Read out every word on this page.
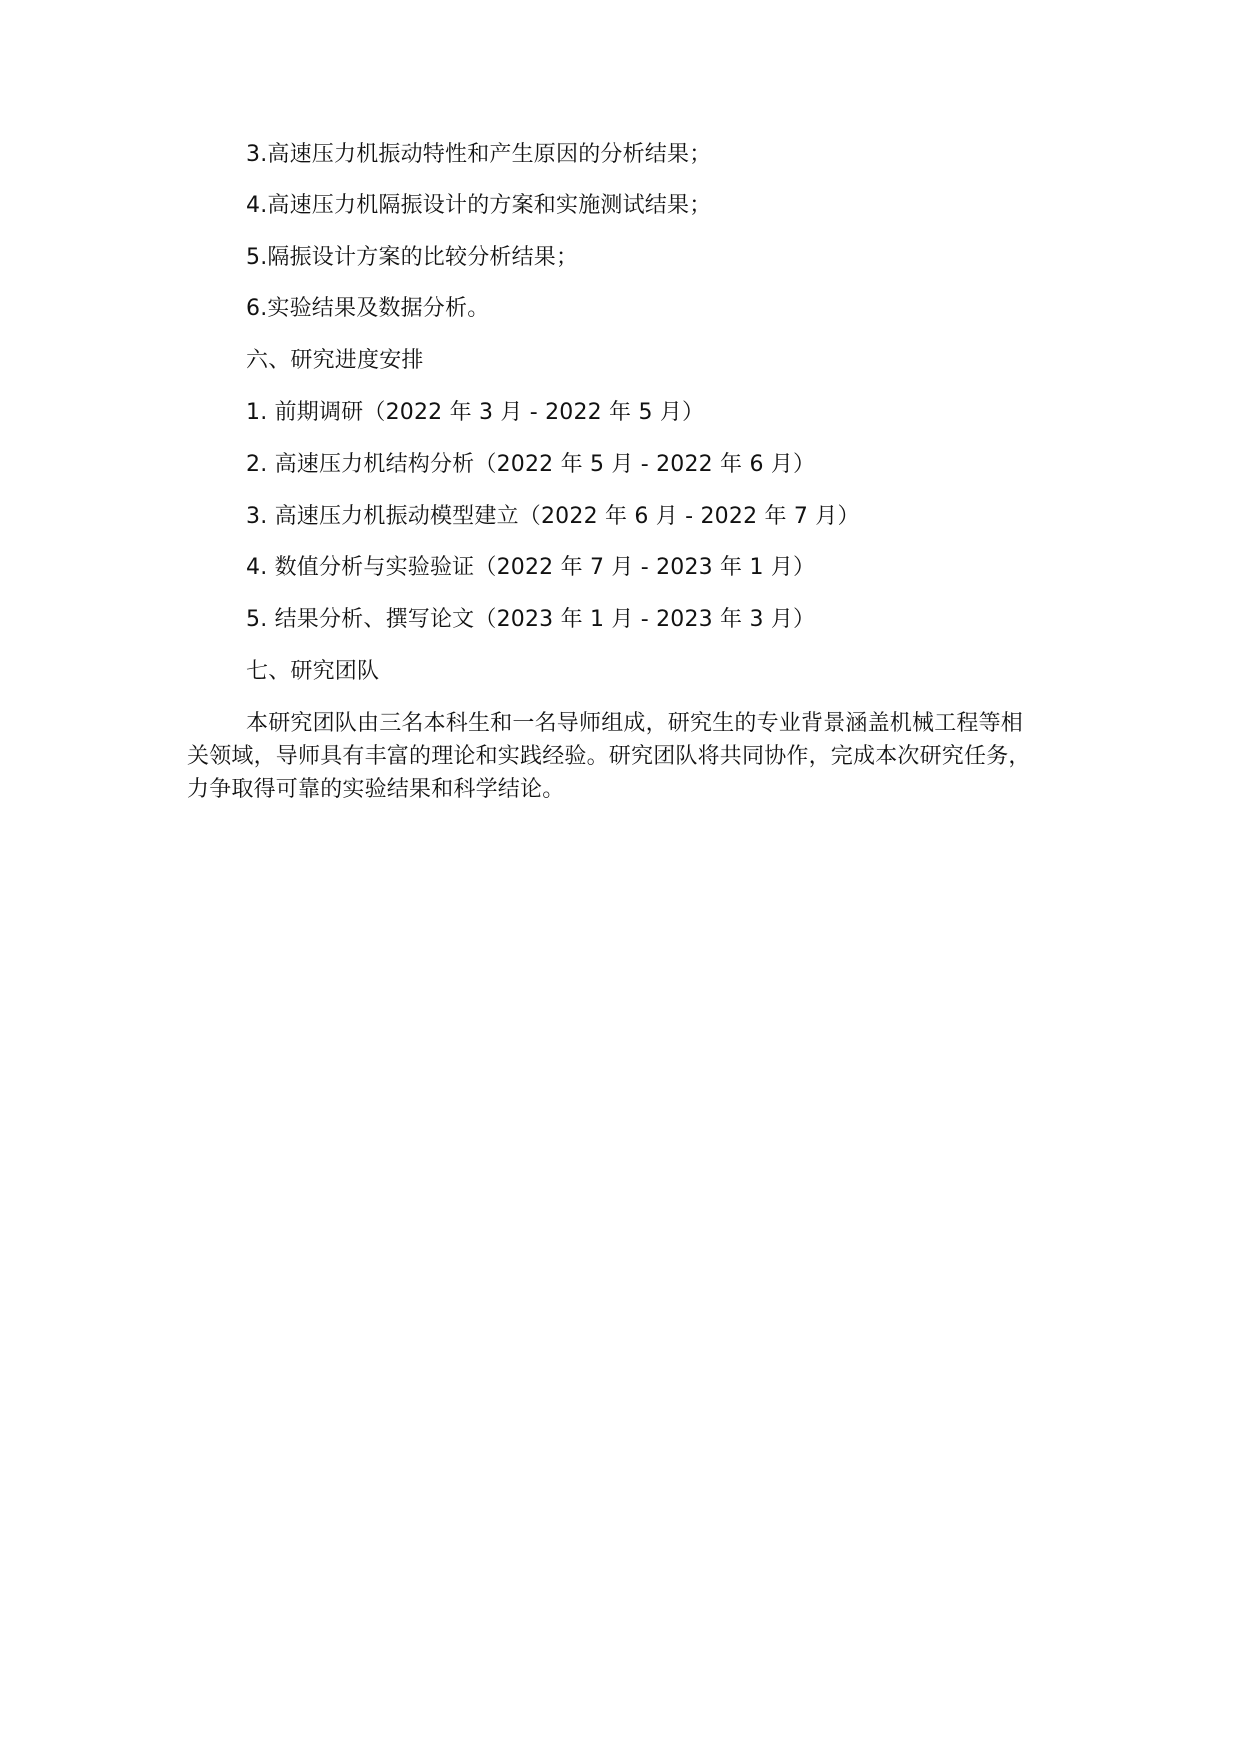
3.高速压力机振动特性和产生原因的分析结果；
4.高速压力机隔振设计的方案和实施测试结果；
5.隔振设计方案的比较分析结果；
6.实验结果及数据分析。
六、研究进度安排
1. 前期调研（2022 年 3 月 - 2022 年 5 月）
2. 高速压力机结构分析（2022 年 5 月 - 2022 年 6 月）
3. 高速压力机振动模型建立（2022 年 6 月 - 2022 年 7 月）
4. 数值分析与实验验证（2022 年 7 月 - 2023 年 1 月）
5. 结果分析、撰写论文（2023 年 1 月 - 2023 年 3 月）
七、研究团队
本研究团队由三名本科生和一名导师组成，研究生的专业背景涵盖机械工程等相
关领域，导师具有丰富的理论和实践经验。研究团队将共同协作，完成本次研究任务，
力争取得可靠的实验结果和科学结论。
